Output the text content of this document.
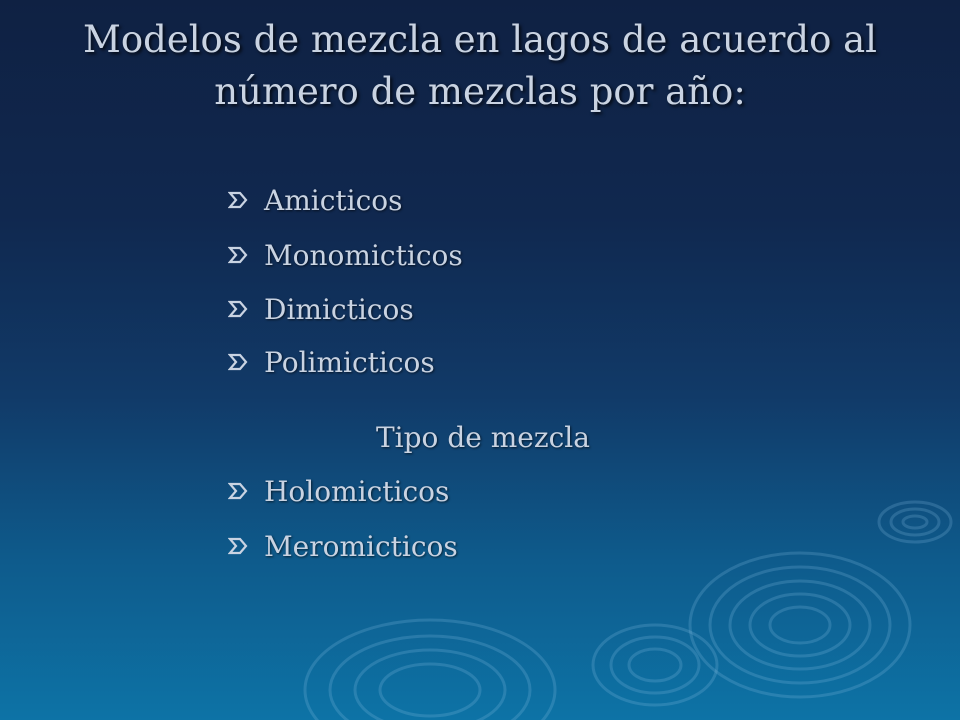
Modelos de mezcla en lagos de acuerdo al
número de mezclas por año:
Amicticos
Monomicticos
Dimicticos
Polimicticos
Tipo de mezcla
Holomicticos
Meromicticos
